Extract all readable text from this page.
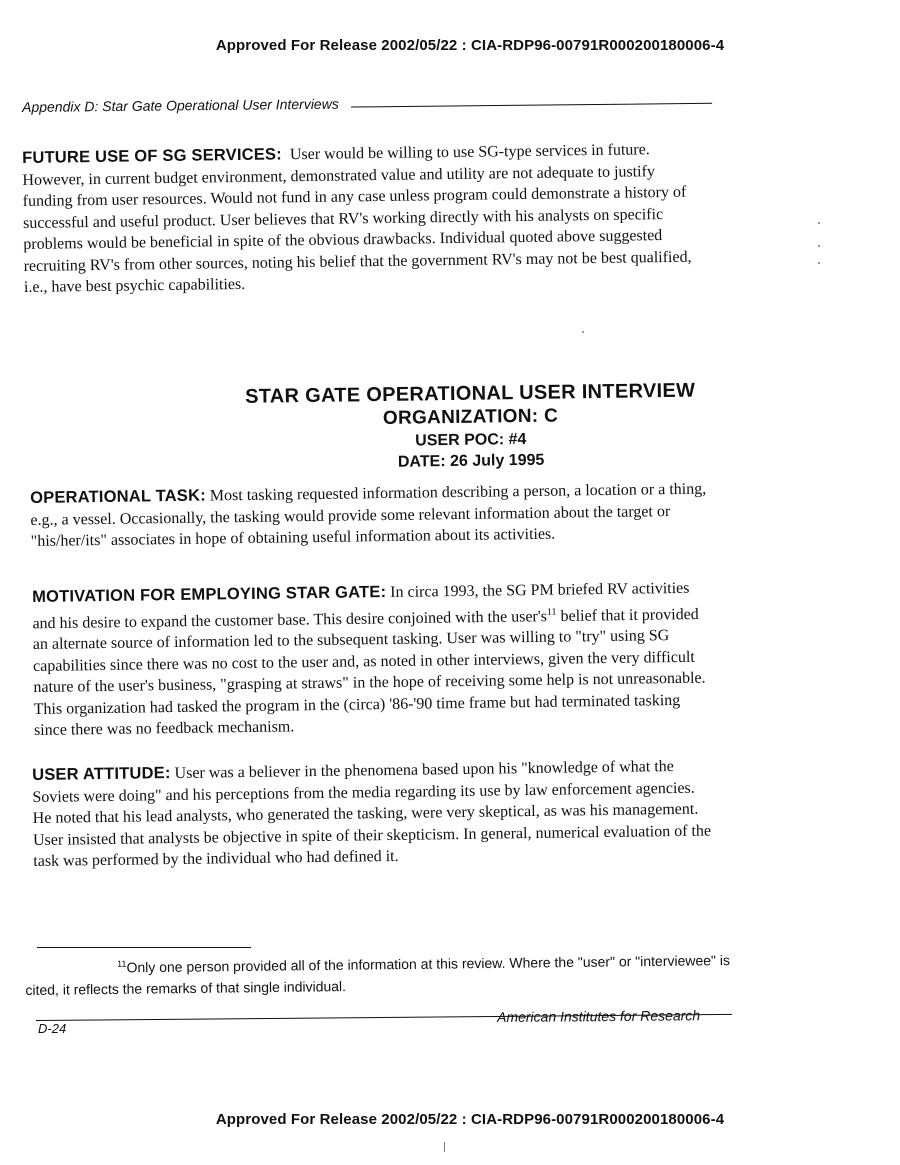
Approved For Release 2002/05/22 : CIA-RDP96-00791R000200180006-4
Appendix D: Star Gate Operational User Interviews
FUTURE USE OF SG SERVICES: User would be willing to use SG-type services in future. However, in current budget environment, demonstrated value and utility are not adequate to justify funding from user resources. Would not fund in any case unless program could demonstrate a history of successful and useful product. User believes that RV's working directly with his analysts on specific problems would be beneficial in spite of the obvious drawbacks. Individual quoted above suggested recruiting RV's from other sources, noting his belief that the government RV's may not be best qualified, i.e., have best psychic capabilities.
STAR GATE OPERATIONAL USER INTERVIEW
ORGANIZATION: C
USER POC: #4
DATE: 26 July 1995
OPERATIONAL TASK: Most tasking requested information describing a person, a location or a thing, e.g., a vessel. Occasionally, the tasking would provide some relevant information about the target or "his/her/its" associates in hope of obtaining useful information about its activities.
MOTIVATION FOR EMPLOYING STAR GATE: In circa 1993, the SG PM briefed RV activities and his desire to expand the customer base. This desire conjoined with the $user's^{11}$ belief that it provided an alternate source of information led to the subsequent tasking. User was willing to "try" using SG capabilities since there was no cost to the user and, as noted in other interviews, given the very difficult nature of the user's business, "grasping at straws" in the hope of receiving some help is not unreasonable. This organization had tasked the program in the (circa) '86-'90 time frame but had terminated tasking since there was no feedback mechanism.
USER ATTITUDE: User was a believer in the phenomena based upon his "knowledge of what the Soviets were doing" and his perceptions from the media regarding its use by law enforcement agencies. He noted that his lead analysts, who generated the tasking, were very skeptical, as was his management. User insisted that analysts be objective in spite of their skepticism. In general, numerical evaluation of the task was performed by the individual who had defined it.
$^{11}$Only one person provided all of the information at this review. Where the "user" or "interviewee" is cited, it reflects the remarks of that single individual.
D-24
American Institutes for Research
Approved For Release 2002/05/22 : CIA-RDP96-00791R000200180006-4
